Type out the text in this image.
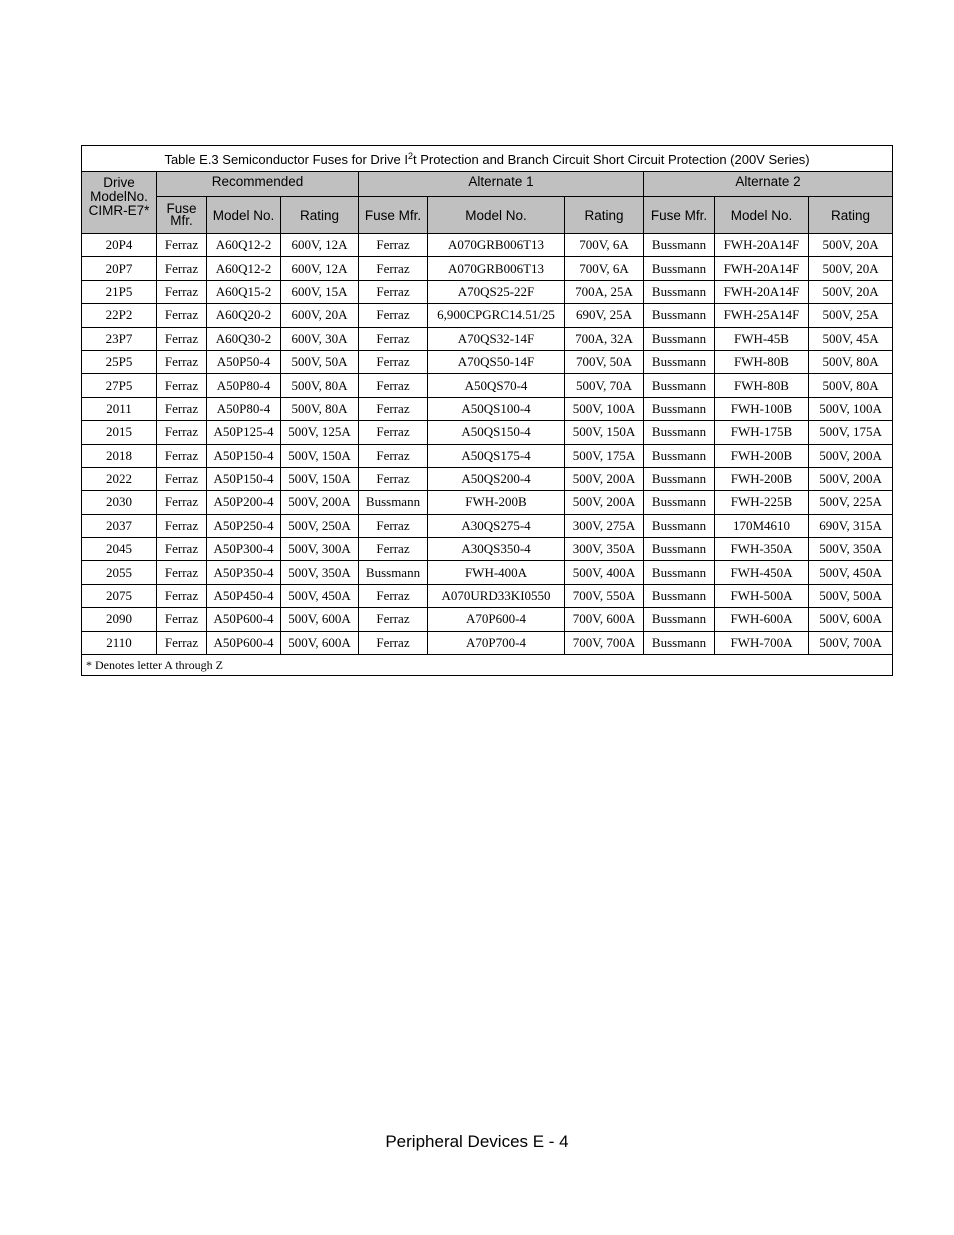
Table E.3 Semiconductor Fuses for Drive $I^2t$ Protection and Branch Circuit Short Circuit Protection (200V Series)									
Drive ModelNo. CIMR-E7*	Recommended			Alternate 1			Alternate 2		
	Fuse Mfr.	Model No.	Rating	Fuse Mfr.	Model No.	Rating	Fuse Mfr.	Model No.	Rating
20P4	Ferraz	A60Q12-2	600V, 12A	Ferraz	A070GRB006T13	700V, 6A	Bussmann	FWH-20A14F	500V, 20A
20P7	Ferraz	A60Q12-2	600V, 12A	Ferraz	A070GRB006T13	700V, 6A	Bussmann	FWH-20A14F	500V, 20A
21P5	Ferraz	A60Q15-2	600V, 15A	Ferraz	A70QS25-22F	700A, 25A	Bussmann	FWH-20A14F	500V, 20A
22P2	Ferraz	A60Q20-2	600V, 20A	Ferraz	6,900CPGRC14.51/25	690V, 25A	Bussmann	FWH-25A14F	500V, 25A
23P7	Ferraz	A60Q30-2	600V, 30A	Ferraz	A70QS32-14F	700A, 32A	Bussmann	FWH-45B	500V, 45A
25P5	Ferraz	A50P50-4	500V, 50A	Ferraz	A70QS50-14F	700V, 50A	Bussmann	FWH-80B	500V, 80A
27P5	Ferraz	A50P80-4	500V, 80A	Ferraz	A50QS70-4	500V, 70A	Bussmann	FWH-80B	500V, 80A
2011	Ferraz	A50P80-4	500V, 80A	Ferraz	A50QS100-4	500V, 100A	Bussmann	FWH-100B	500V, 100A
2015	Ferraz	A50P125-4	500V, 125A	Ferraz	A50QS150-4	500V, 150A	Bussmann	FWH-175B	500V, 175A
2018	Ferraz	A50P150-4	500V, 150A	Ferraz	A50QS175-4	500V, 175A	Bussmann	FWH-200B	500V, 200A
2022	Ferraz	A50P150-4	500V, 150A	Ferraz	A50QS200-4	500V, 200A	Bussmann	FWH-200B	500V, 200A
2030	Ferraz	A50P200-4	500V, 200A	Bussmann	FWH-200B	500V, 200A	Bussmann	FWH-225B	500V, 225A
2037	Ferraz	A50P250-4	500V, 250A	Ferraz	A30QS275-4	300V, 275A	Bussmann	170M4610	690V, 315A
2045	Ferraz	A50P300-4	500V, 300A	Ferraz	A30QS350-4	300V, 350A	Bussmann	FWH-350A	500V, 350A
2055	Ferraz	A50P350-4	500V, 350A	Bussmann	FWH-400A	500V, 400A	Bussmann	FWH-450A	500V, 450A
2075	Ferraz	A50P450-4	500V, 450A	Ferraz	A070URD33KI0550	700V, 550A	Bussmann	FWH-500A	500V, 500A
2090	Ferraz	A50P600-4	500V, 600A	Ferraz	A70P600-4	700V, 600A	Bussmann	FWH-600A	500V, 600A
2110	Ferraz	A50P600-4	500V, 600A	Ferraz	A70P700-4	700V, 700A	Bussmann	FWH-700A	500V, 700A
* Denotes letter A through Z									
Peripheral Devices E - 4
